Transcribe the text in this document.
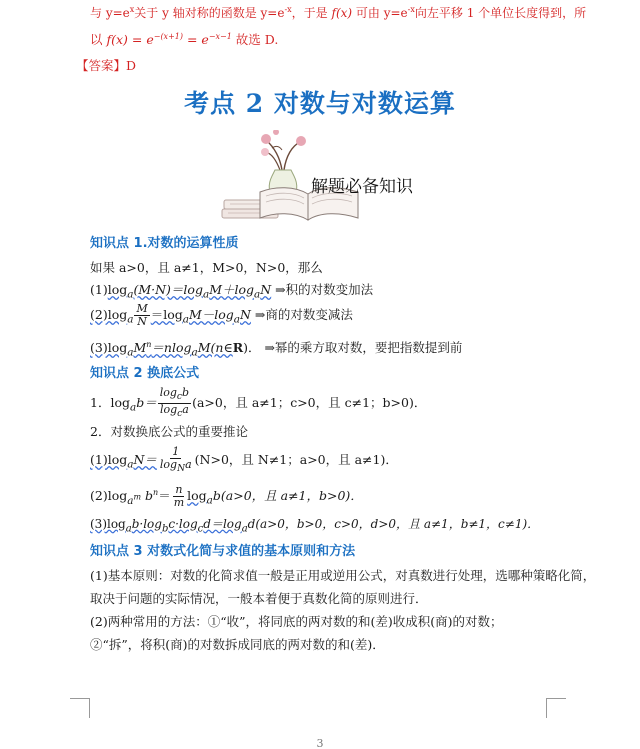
与 $y=e^x$关于 y 轴对称的函数是 $y=e^{-x}$，于是 f(x) 可由 $y=e^{-x}$向左平移 1 个单位长度得到，所
以 $f(x) = e^{-(x+1)} = e^{-x-1}$ 故选 D.
【答案】D
考点 2 对数与对数运算
解题必备知识
知识点 1.对数的运算性质
如果 a>0，且 a≠1，M>0，N>0，那么
$(1)\log_a(M\cdot N)=\log_aM+\log_aN$ ⇒积的对数变加法
$(2)\log_a \frac{M}{N} =\log_aM-\log_aN$ ⇒商的对数变减法
$(3)\log_aM^n=nlog_aM(n\in R)$． ⇒幂的乘方取对数，要把指数提到前
知识点 2 换底公式
1．$\log_ab= \frac{\log_cb}{\log_ca} (a>0$，且 a≠1；c>0，且 c≠1；b>0)．
2．对数换底公式的重要推论
$(1)\log_aN= \frac{1}{\log_Na} (N>0$，且 N≠1；a>0，且 a≠1)．
$(2)\log_{a^m}$ $b^n= \frac{n}{m} \log_ab(a>0$，且 a≠1，b>0)．
$(3)\log_ab\cdot\log_bc\cdot\log_cd=\log_ad(a>0$，b>0，c>0，d>0，且 a≠1，b≠1，c≠1)．
知识点 3 对数式化简与求值的基本原则和方法
(1)基本原则：对数的化简求值一般是正用或逆用公式，对真数进行处理，选哪种策略化简，
取决于问题的实际情况，一般本着便于真数化简的原则进行．
(2)两种常用的方法：①“收”，将同底的两对数的和(差)收成积(商)的对数；
②“拆”，将积(商)的对数拆成同底的两对数的和(差)．
3
